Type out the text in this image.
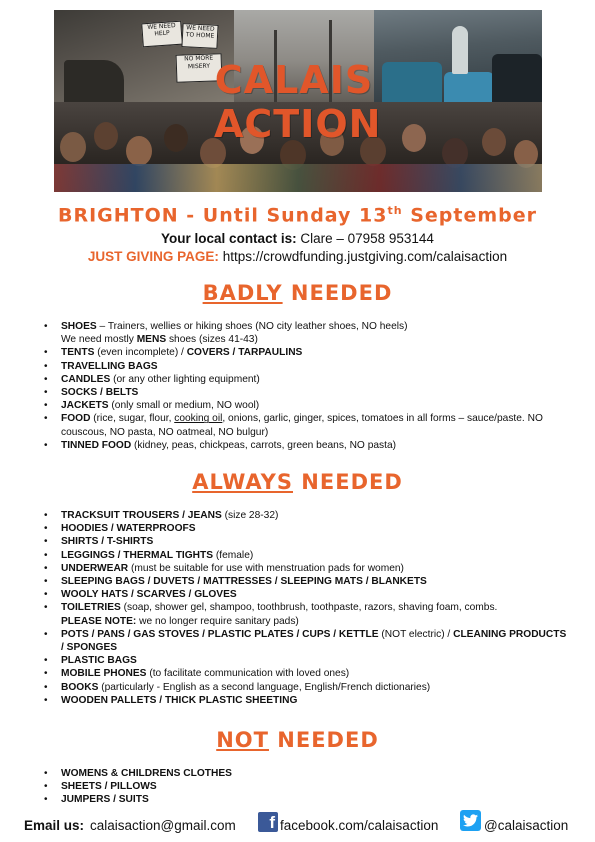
WE NEED HELP
WE NEED TO HOME
NO MORE MISERY CALAIS
ACTION
BRIGHTON - Until Sunday 13th September
Your local contact is: Clare – 07958 953144
JUST GIVING PAGE: https://crowdfunding.justgiving.com/calaisaction
BADLY NEEDED
• SHOES – Trainers, wellies or hiking shoes (NO city leather shoes, NO heels)
We need mostly MENS shoes (sizes 41-43)
• TENTS (even incomplete) / COVERS / TARPAULINS
• TRAVELLING BAGS
• CANDLES (or any other lighting equipment)
• SOCKS / BELTS
• JACKETS (only small or medium, NO wool)
• FOOD (rice, sugar, flour, cooking oil, onions, garlic, ginger, spices, tomatoes in all forms – sauce/paste. NO couscous, NO pasta, NO oatmeal, NO bulgur)
• TINNED FOOD (kidney, peas, chickpeas, carrots, green beans, NO pasta)
ALWAYS NEEDED
• TRACKSUIT TROUSERS / JEANS (size 28-32)
• HOODIES / WATERPROOFS
• SHIRTS / T-SHIRTS
• LEGGINGS / THERMAL TIGHTS (female)
• UNDERWEAR (must be suitable for use with menstruation pads for women)
• SLEEPING BAGS / DUVETS / MATTRESSES / SLEEPING MATS / BLANKETS
• WOOLY HATS / SCARVES / GLOVES
• TOILETRIES (soap, shower gel, shampoo, toothbrush, toothpaste, razors, shaving foam, combs.
PLEASE NOTE: we no longer require sanitary pads)
• POTS / PANS / GAS STOVES / PLASTIC PLATES / CUPS / KETTLE (NOT electric) / CLEANING PRODUCTS / SPONGES
• PLASTIC BAGS
• MOBILE PHONES (to facilitate communication with loved ones)
• BOOKS (particularly - English as a second language, English/French dictionaries)
• WOODEN PALLETS / THICK PLASTIC SHEETING
NOT NEEDED
• WOMENS & CHILDRENS CLOTHES
• SHEETS / PILLOWS
• JUMPERS / SUITS
Email us: calaisaction@gmail.com	f facebook.com/calaisaction	@calaisaction
